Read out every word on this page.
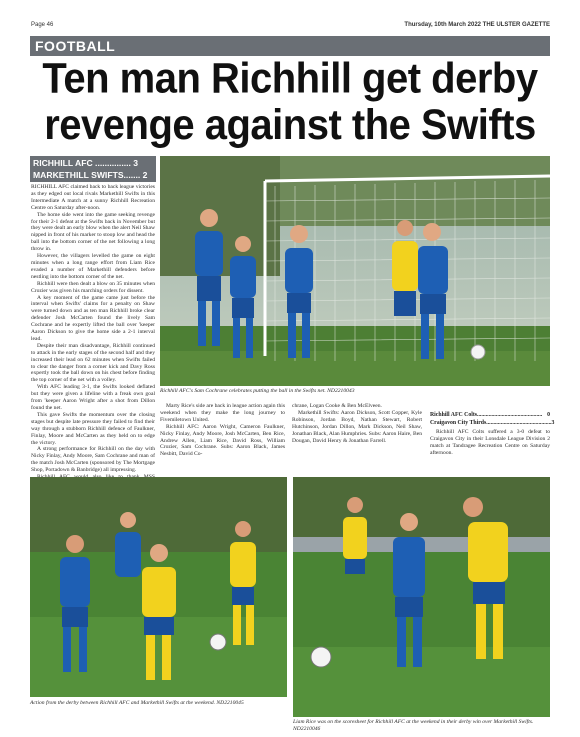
Page 46	Thursday, 10th March 2022 THE ULSTER GAZETTE
FOOTBALL
Ten man Richhill get derby
revenge against the Swifts
RICHHILL AFC ............... 3
MARKETHILL SWIFTS....... 2

RICHHILL AFC claimed back to back league victories as they edged out local rivals Markethill Swifts in this Intermediate A match at a sunny Richhill Recreation Centre on Saturday after-noon.

The home side went into the game seeking revenge for their 2-1 defeat at the Swifts back in November but they were dealt an early blow when the alert Neil Shaw nipped in front of his marker to stoop low and head the ball into the bottom corner of the net following a long throw in.

However, the villagers levelled the game on eight minutes when a long range effort from Liam Rice evaded a number of Markethill defenders before nestling into the bottom corner of the net.

Richhill were then dealt a blow on 35 minutes when Crozier was given his marching orders for dissent.

A key moment of the game came just before the interval when Swifts' claims for a penalty on Shaw were turned down and as ten man Richhill broke clear defender Josh McCarten found the lively Sam Cochrane and he expertly lifted the ball over 'keeper Aaron Dickson to give the home side a 2-1 interval lead.

Despite their man disadvantage, Richhill continued to attack in the early stages of the second half and they increased their lead on 62 minutes when Swifts failed to clear the danger from a corner kick and Davy Ross expertly took the ball down on his chest before finding the top corner of the net with a volley.

With AFC leading 3-1, the Swifts looked deflated but they were given a lifeline with a freak own goal from 'keeper Aaron Wright after a shot from Dillon found the net.

This gave Swifts the momentum over the closing stages but despite late pressure they failed to find their way through a stubborn Richhill defence of Faulkner, Finlay, Moore and McCarten as they held on to edge the victory.

A strong performance for Richhill on the day with Nicky Finlay, Andy Moore, Sam Cochrane and man of the match Josh McCarten (sponsored by The Mortgage Shop, Portadown & Banbridge) all impressing.

Richhill AFC's Sam Cochrane celebrates putting the ball in the Swifts net. ND2210043

Marty Rice's side are back in league action again this weekend when they make the long journey to Fivemiletown United.

Richhill AFC: Aaron Wright, Cameron Faulkner, Nicky Finlay, Andy Moore, Josh McCarten, Ben Rice, Andrew Allen, Liam Rice, David Ross, William Crozier, Sam Cochrane. Subs: Aaron Black, James Nesbitt, David Co-

chrane, Logan Cooke & Ben McElveen.

Markethill Swifts: Aaron Dickson, Scott Copper, Kyle Robinson, Jordan Boyd, Nathan Stewart, Robert Hutchinson, Jordan Dillon, Mark Dickson, Neil Shaw, Jonathan Black, Alan Humphries. Subs: Aaron Haire, Ben Dougan, David Henry & Jonathan Farrell.

Richhill AFC Colts ............................................. 0
Craigavon City Thirds ............................................. 3

Richhill AFC Colts suffered a 3-0 defeat to Craigavon City in their Lonsdale League Division 2 match at Tandragee Recreation Centre on Saturday afternoon.

Action from the derby between Richhill AFC and Markethill Swifts at the weekend. ND2210045
Liam Rice was on the scoresheet for Richhill AFC at the weekend in their derby win over Markethill Swifts. ND2210046
